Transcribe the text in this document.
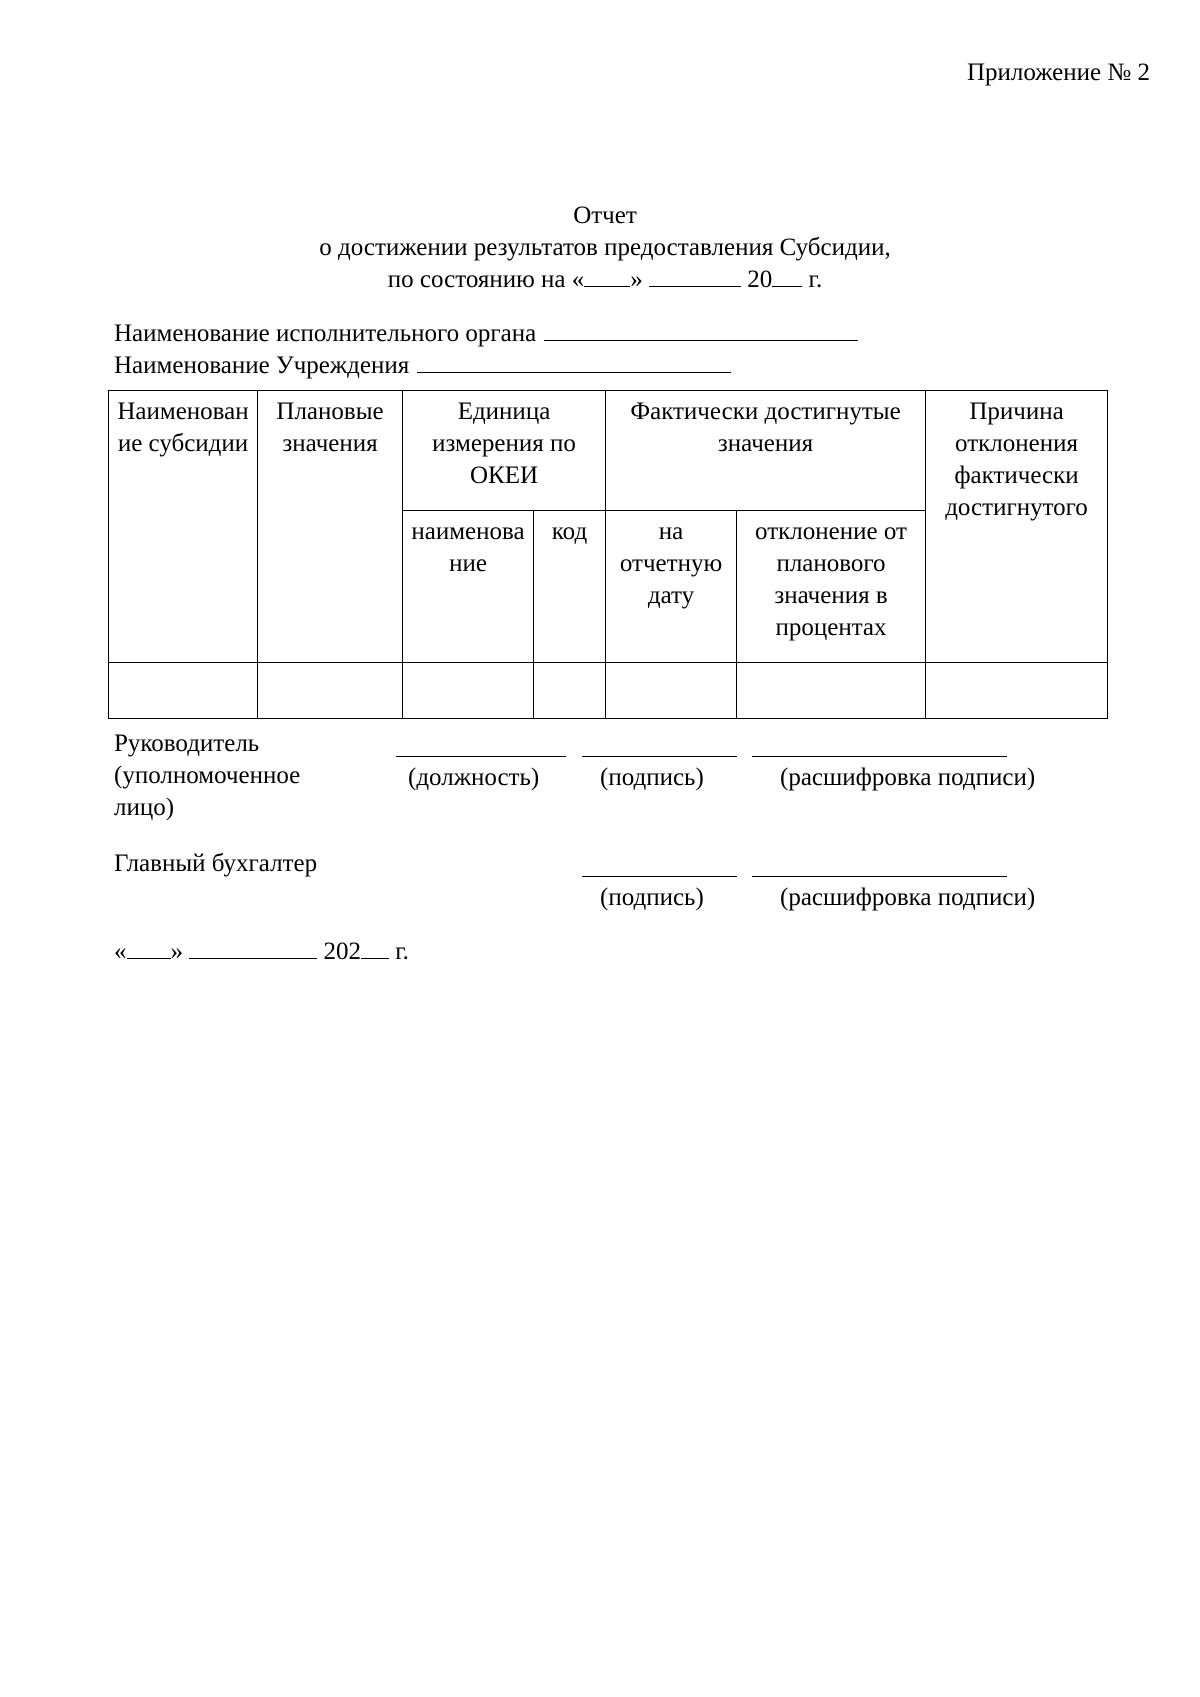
Приложение № 2
Отчет
о достижении результатов предоставления Субсидии,
по состоянию на « »	20 г.
Наименование исполнительного органа
Наименование Учреждения
Наименование субсидии	Плановые значения	Единица измерения по ОКЕИ		Фактически достигнутые значения		Причина отклонения фактически достигнутого
		наименование	код	на отчетную дату	отклонение от планового значения в процентах	

Руководитель
(уполномоченное
лицо)
(должность) (подпись)	(расшифровка подписи)
Главный бухгалтер
(подпись)	(расшифровка подписи)
« »	202 г.
